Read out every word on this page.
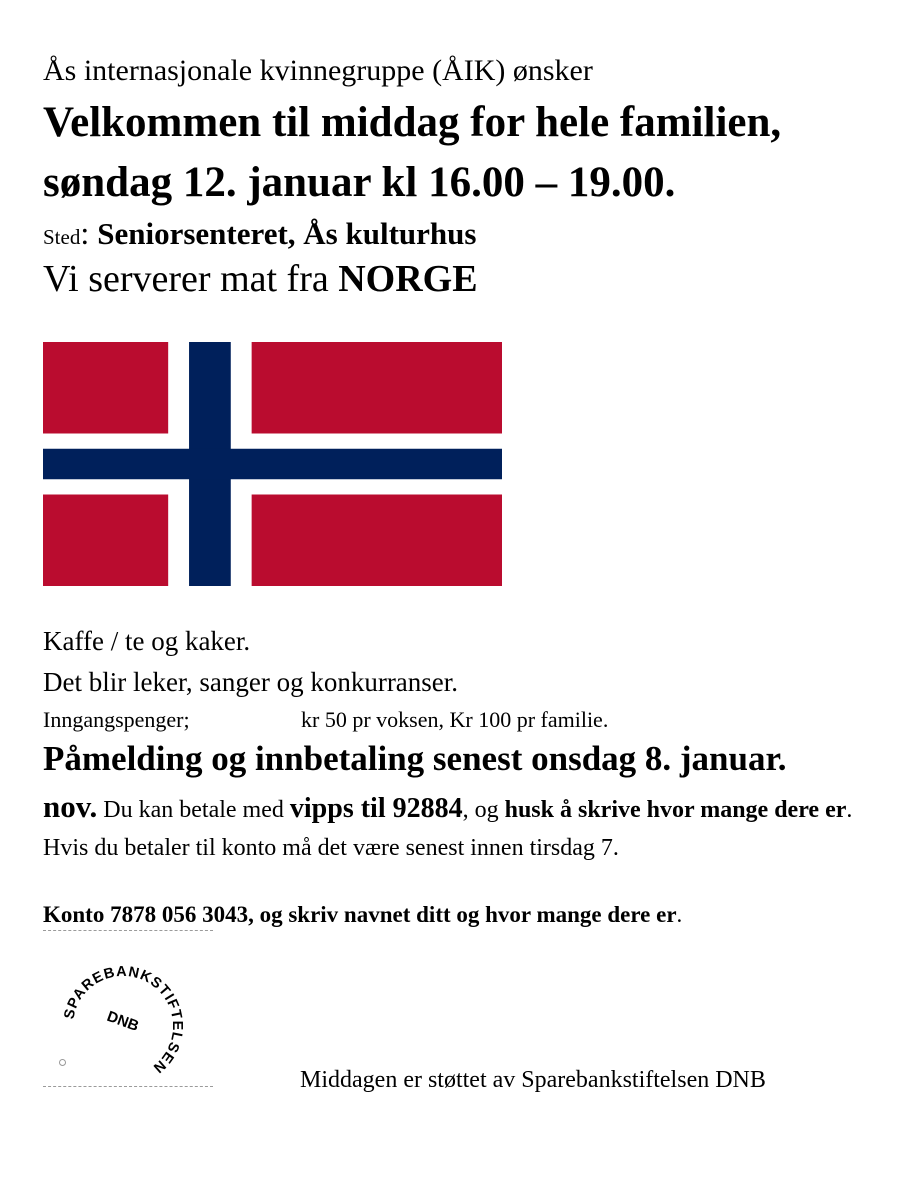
Ås internasjonale kvinnegruppe (ÅIK) ønsker
Velkommen til middag for hele familien,
søndag 12. januar kl 16.00 – 19.00.
Sted: Seniorsenteret, Ås kulturhus
Vi serverer mat fra NORGE
Kaffe / te og kaker.
Det blir leker, sanger og konkurranser.
Inngangspenger;	kr 50 pr voksen, Kr 100 pr familie.
Påmelding og innbetaling senest onsdag 8. januar.
nov. Du kan betale med vipps til 92884, og husk å skrive hvor mange dere er. Hvis du betaler til konto må det være senest innen tirsdag 7.
Konto 7878 056 3043, og skriv navnet ditt og hvor mange dere er.
SPAREBANKSTIFTELSEN
DNB
Middagen er støttet av Sparebankstiftelsen DNB
